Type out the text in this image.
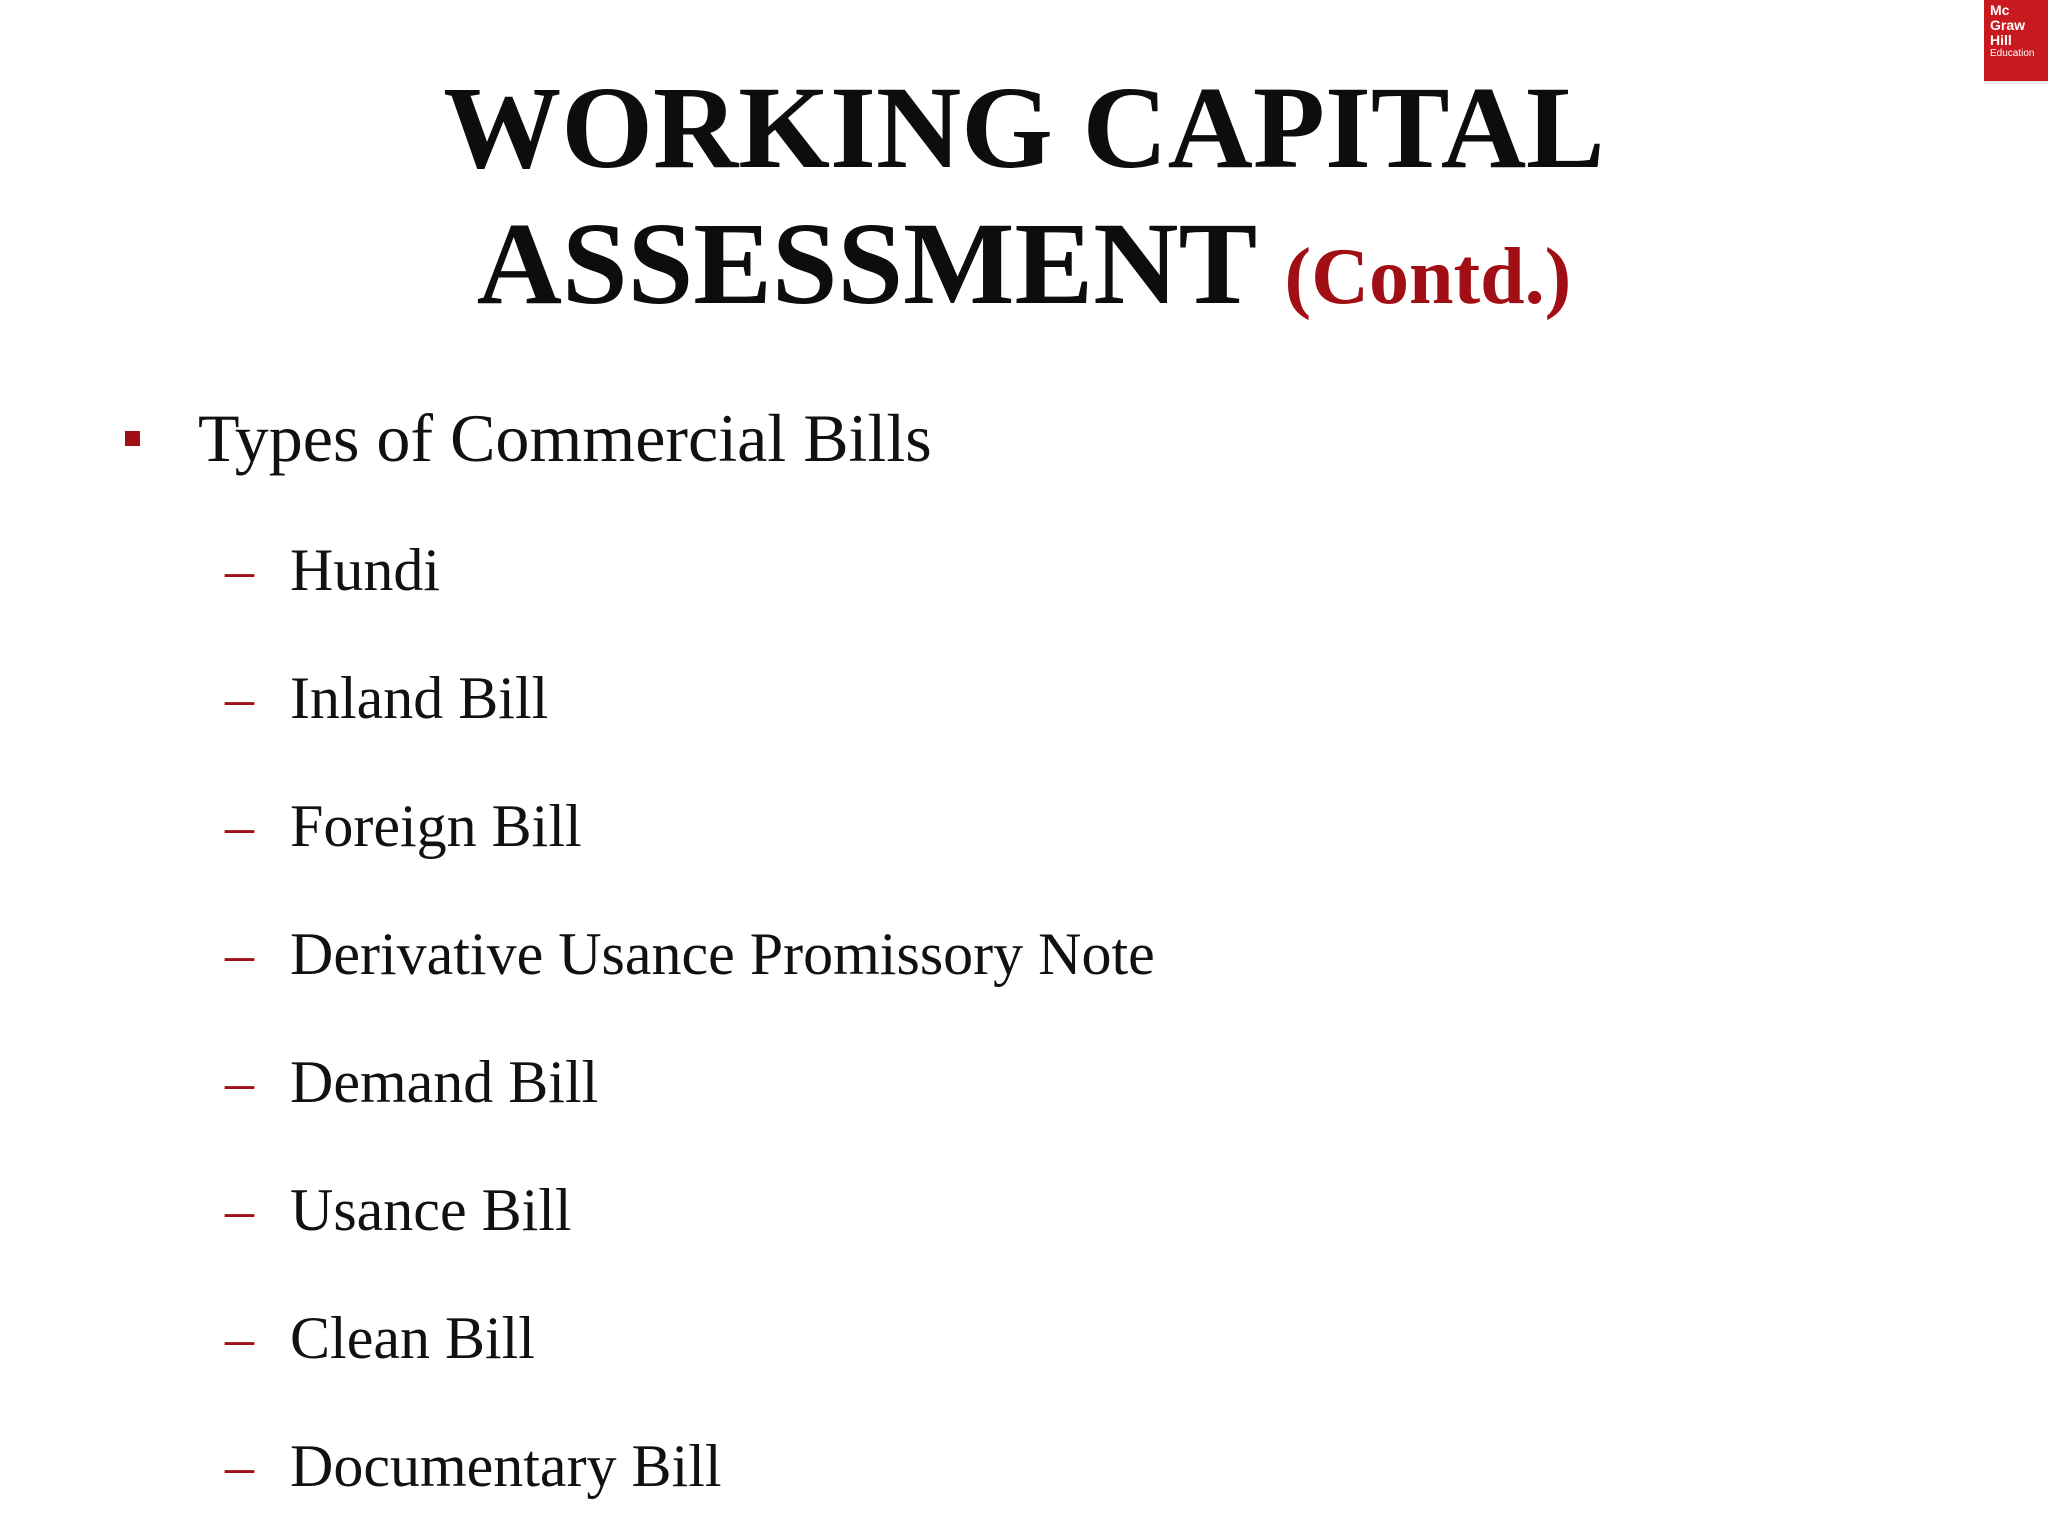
Mc
Graw
Hill
Education
WORKING CAPITAL
ASSESSMENT (Contd.)
Types of Commercial Bills
– Hundi
– Inland Bill
– Foreign Bill
– Derivative Usance Promissory Note
– Demand Bill
– Usance Bill
– Clean Bill
– Documentary Bill
